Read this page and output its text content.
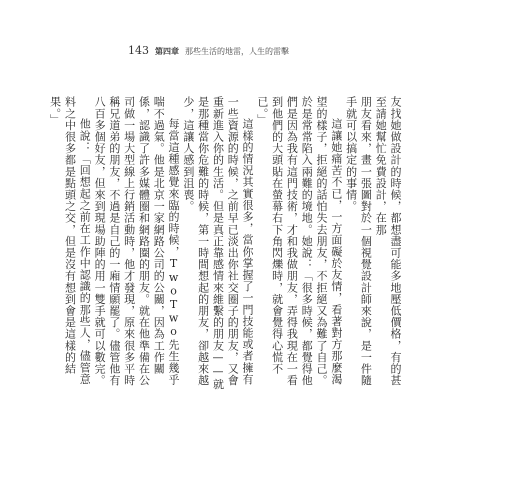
143 第四章 那些生活的地雷，人生的雷擊

友找她做設計的時候，都想盡可能多地壓低價格，有的甚至請她幫忙免費設計，在那

朋友看來，畫一張圖對於一個視覺設計師來說，是一件隨手就可以搞定的事情。

這讓她痛苦不已，一方面礙於友情，看著對方那麼渴望的樣子，拒絕的話怕失去朋友，不拒絕又為難了自己。於是常常陷入兩難的境地。她說：「很多時候，都覺得他們是因為我有這門技術，才和我做朋友，弄得我現在一看到他們的大頭貼在螢幕右下角閃爍時，就會覺得心慌不已。」

這樣的情況其實很多，當你掌握了一門技能或者擁有一些資源的時候，之前早已淡出你社交圈子的朋友，又會重新進入你的生活。但是真正靠感情來維繫的朋友——就是那種當你危難的時候，第一時間想起的朋友，卻越來越少，這讓人感到沮喪。

每當這種感覺來臨的時候，TwoTwo先生幾乎喘不過氣。他是北京一家網路公司的公關，因為工作關係，認識了許多媒體圈和網路圈的朋友。就在他準備在公司做一場大型線上行銷活動時，他才發現，原來很多平時稱兄道弟的朋友，不過是自己的一廂情願罷了。儘管他有八百多個好友，但來到現場助陣的用一雙手就可以數完。

他說：「回想起之前在工作中認識的那些人，儘管意料之中很多都是點頭之交，但是沒有想到會是這樣的結果。」
